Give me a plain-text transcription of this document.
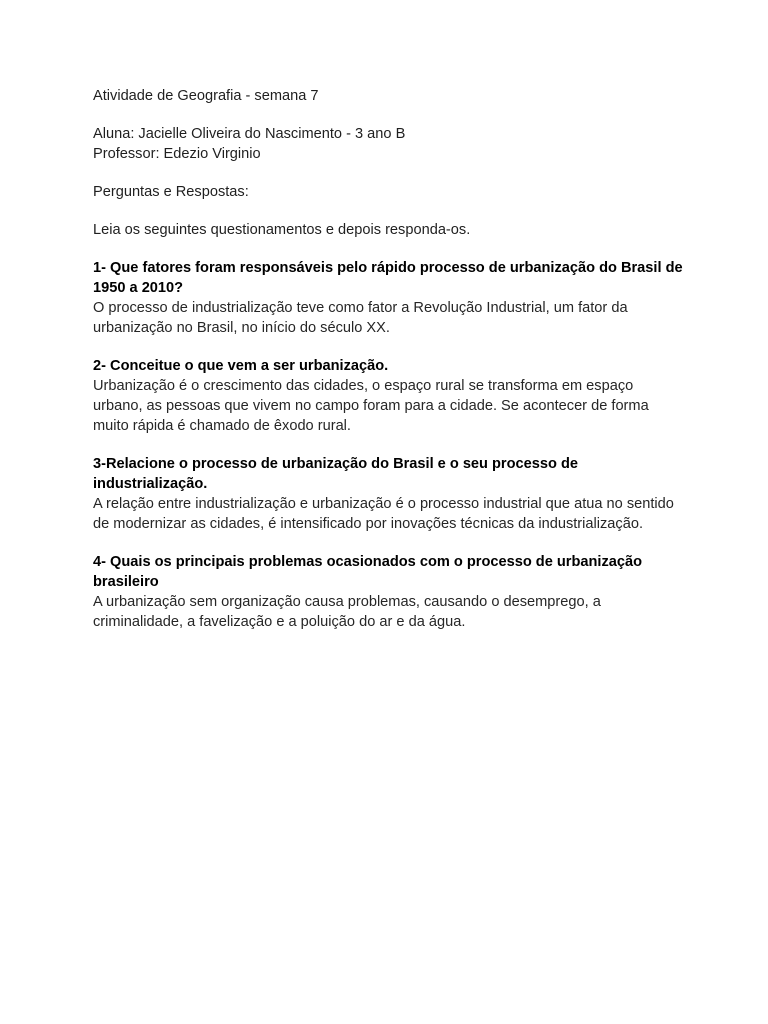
Atividade de Geografia - semana 7

Aluna: Jacielle Oliveira do Nascimento - 3 ano B

Professor: Edezio Virginio

Perguntas e Respostas:

Leia os seguintes questionamentos e depois responda-os.

1- Que fatores foram responsáveis pelo rápido processo de urbanização do Brasil de 1950 a 2010?

O processo de industrialização teve como fator a Revolução Industrial, um fator da urbanização no Brasil, no início do século XX.

2- Conceitue o que vem a ser urbanização.

Urbanização é o crescimento das cidades, o espaço rural se transforma em espaço urbano, as pessoas que vivem no campo foram para a cidade. Se acontecer de forma muito rápida é chamado de êxodo rural.

3-Relacione o processo de urbanização do Brasil e o seu processo de industrialização.

A relação entre industrialização e urbanização é o processo industrial que atua no sentido de modernizar as cidades, é intensificado por inovações técnicas da industrialização.

4- Quais os principais problemas ocasionados com o processo de urbanização brasileiro

A urbanização sem organização causa problemas, causando o desemprego, a criminalidade, a favelização e a poluição do ar e da água.
